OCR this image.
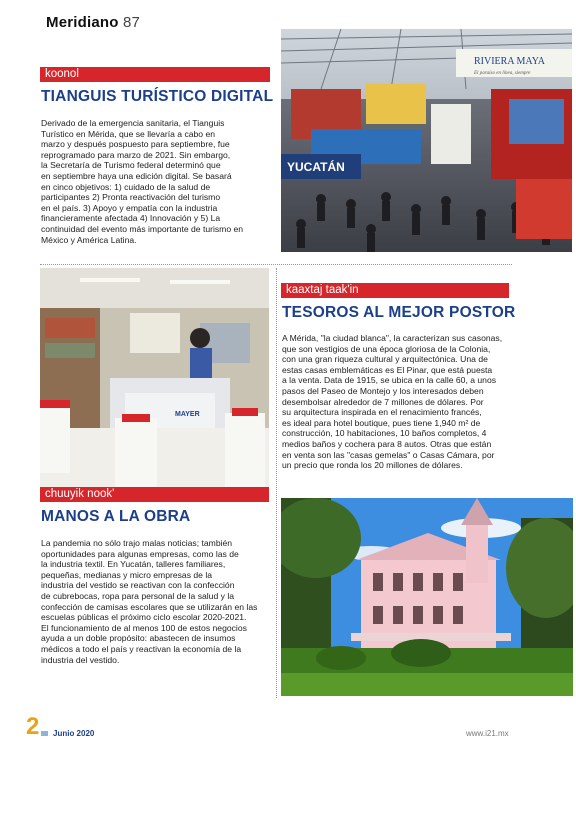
Meridiano 87
koonol
TIANGUIS TURÍSTICO DIGITAL
Derivado de la emergencia sanitaria, el Tianguis
Turístico en Mérida, que se llevaría a cabo en
marzo y después pospuesto para septiembre, fue
reprogramado para marzo de 2021. Sin embargo,
la Secretaría de Turismo federal determinó que
en septiembre haya una edición digital. Se basará
en cinco objetivos: 1) cuidado de la salud de
participantes 2) Pronta reactivación del turismo
en el país. 3) Apoyo y empatía con la industria
financieramente afectada 4) Innovación y 5) La
continuidad del evento más importante de turismo en
México y América Latina.
RIVIERA MAYA
El paraíso en línea, siempre
YUCATÁN
MAYER
chuuyik nook'
MANOS A LA OBRA
La pandemia no sólo trajo malas noticias; también
oportunidades para algunas empresas, como las de
la industria textil. En Yucatán, talleres familiares,
pequeñas, medianas y micro empresas de la
industria del vestido se reactivan con la confección
de cubrebocas, ropa para personal de la salud y la
confección de camisas escolares que se utilizarán en las
escuelas públicas el próximo ciclo escolar 2020-2021.
El funcionamiento de al menos 100 de estos negocios
ayuda a un doble propósito: abastecen de insumos
médicos a todo el país y reactivan la economía de la
industria del vestido.
kaaxtaj taak'in
TESOROS AL MEJOR POSTOR
A Mérida, "la ciudad blanca", la caracterizan sus casonas,
que son vestigios de una época gloriosa de la Colonia,
con una gran riqueza cultural y arquitectónica. Una de
estas casas emblemáticas es El Pinar, que está puesta
a la venta. Data de 1915, se ubica en la calle 60, a unos
pasos del Paseo de Montejo y los interesados deben
desembolsar alrededor de 7 millones de dólares. Por
su arquitectura inspirada en el renacimiento francés,
es ideal para hotel boutique, pues tiene 1,940 m² de
construcción, 10 habitaciones, 10 baños completos, 4
medios baños y cochera para 8 autos. Otras que están
en venta son las "casas gemelas" o Casas Cámara, por
un precio que ronda los 20 millones de dólares.
2 Junio 2020	www.i21.mx
